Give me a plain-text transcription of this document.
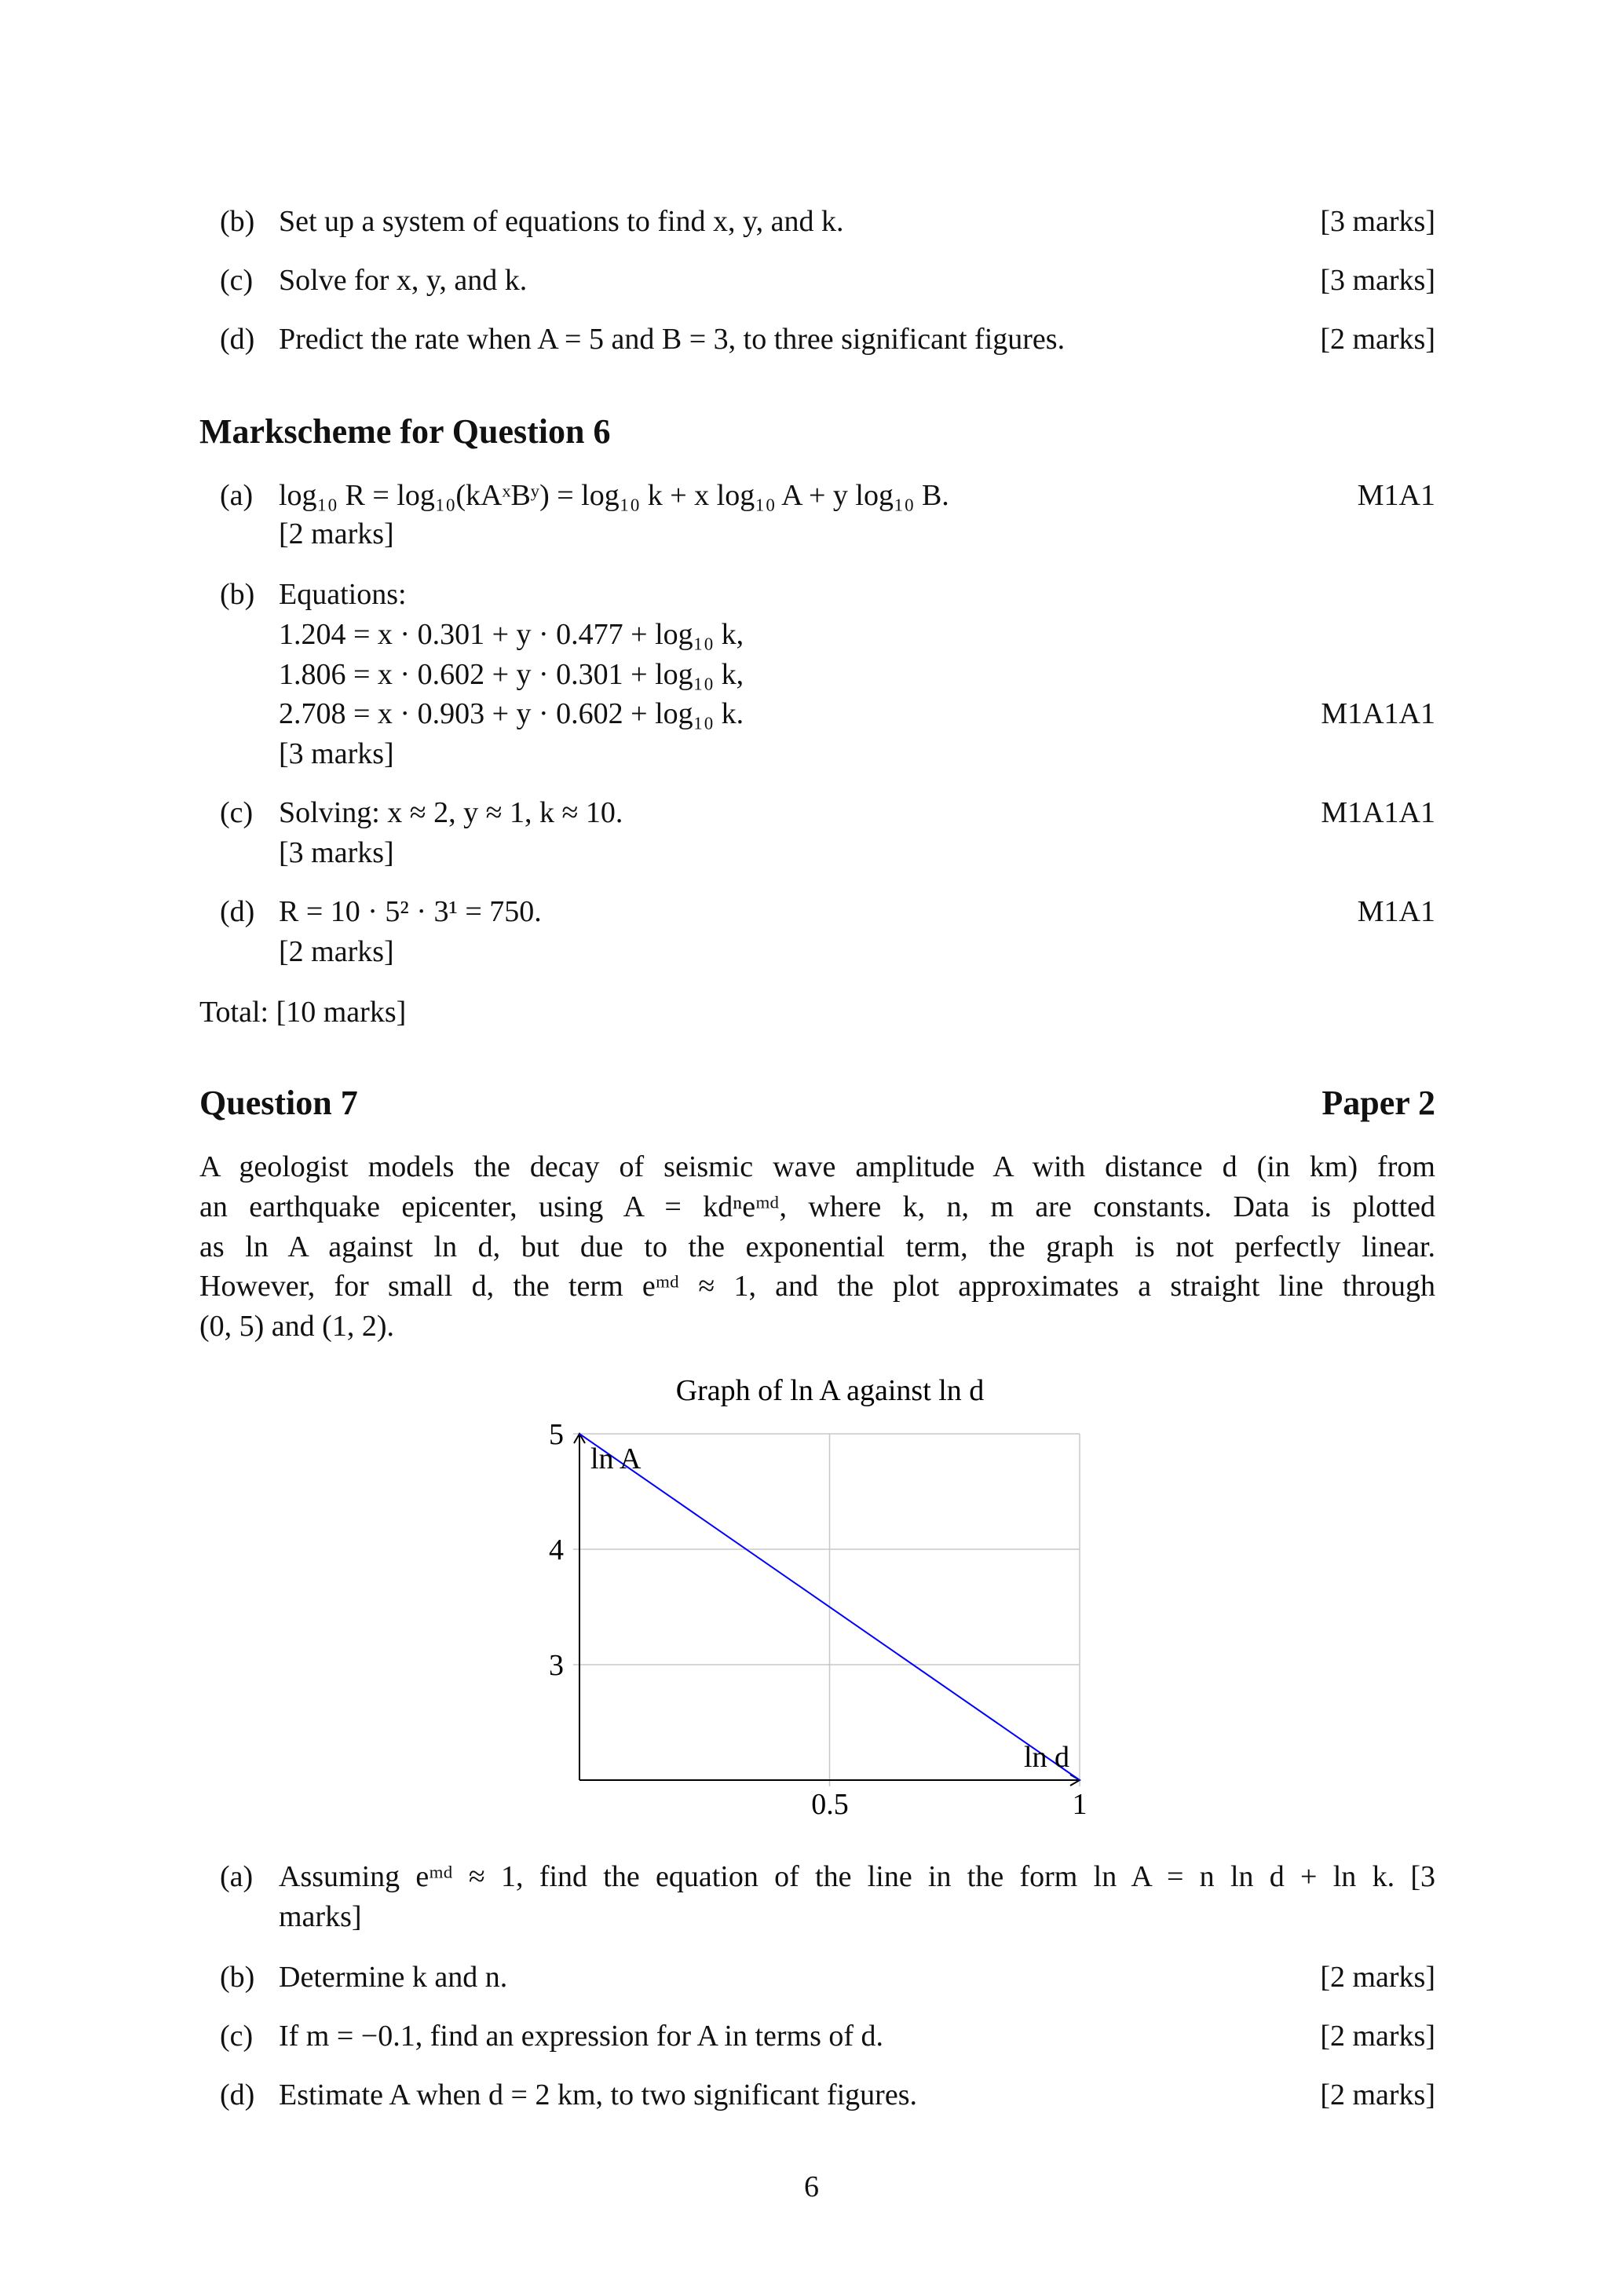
(b) Set up a system of equations to find x, y, and k.	[3 marks]
(c) Solve for x, y, and k.	[3 marks]
(d) Predict the rate when A = 5 and B = 3, to three significant figures.	[2 marks]
Markscheme for Question 6
(a) log₁₀ R = log₁₀(kAˣBʸ) = log₁₀ k + x log₁₀ A + y log₁₀ B.	M1A1
[2 marks]
(b) Equations:
1.204 = x · 0.301 + y · 0.477 + log₁₀ k,
1.806 = x · 0.602 + y · 0.301 + log₁₀ k,
2.708 = x · 0.903 + y · 0.602 + log₁₀ k.	M1A1A1
[3 marks]
(c) Solving: x ≈ 2, y ≈ 1, k ≈ 10.	M1A1A1
[3 marks]
(d) R = 10 · 5² · 3¹ = 750.	M1A1
[2 marks]
Total: [10 marks]
Question 7	Paper 2
A geologist models the decay of seismic wave amplitude A with distance d (in km) from
an earthquake epicenter, using A = kdⁿeᵐᵈ, where k, n, m are constants. Data is plotted
as ln A against ln d, but due to the exponential term, the graph is not perfectly linear.
However, for small d, the term eᵐᵈ ≈ 1, and the plot approximates a straight line through
(0, 5) and (1, 2).
Graph of ln A against ln d
5
4
3
0.5	1
ln A
ln d
(a) Assuming eᵐᵈ ≈ 1, find the equation of the line in the form ln A = n ln d + ln k. [3
marks]
(b) Determine k and n.	[2 marks]
(c) If m = −0.1, find an expression for A in terms of d.	[2 marks]
(d) Estimate A when d = 2 km, to two significant figures.	[2 marks]
6
